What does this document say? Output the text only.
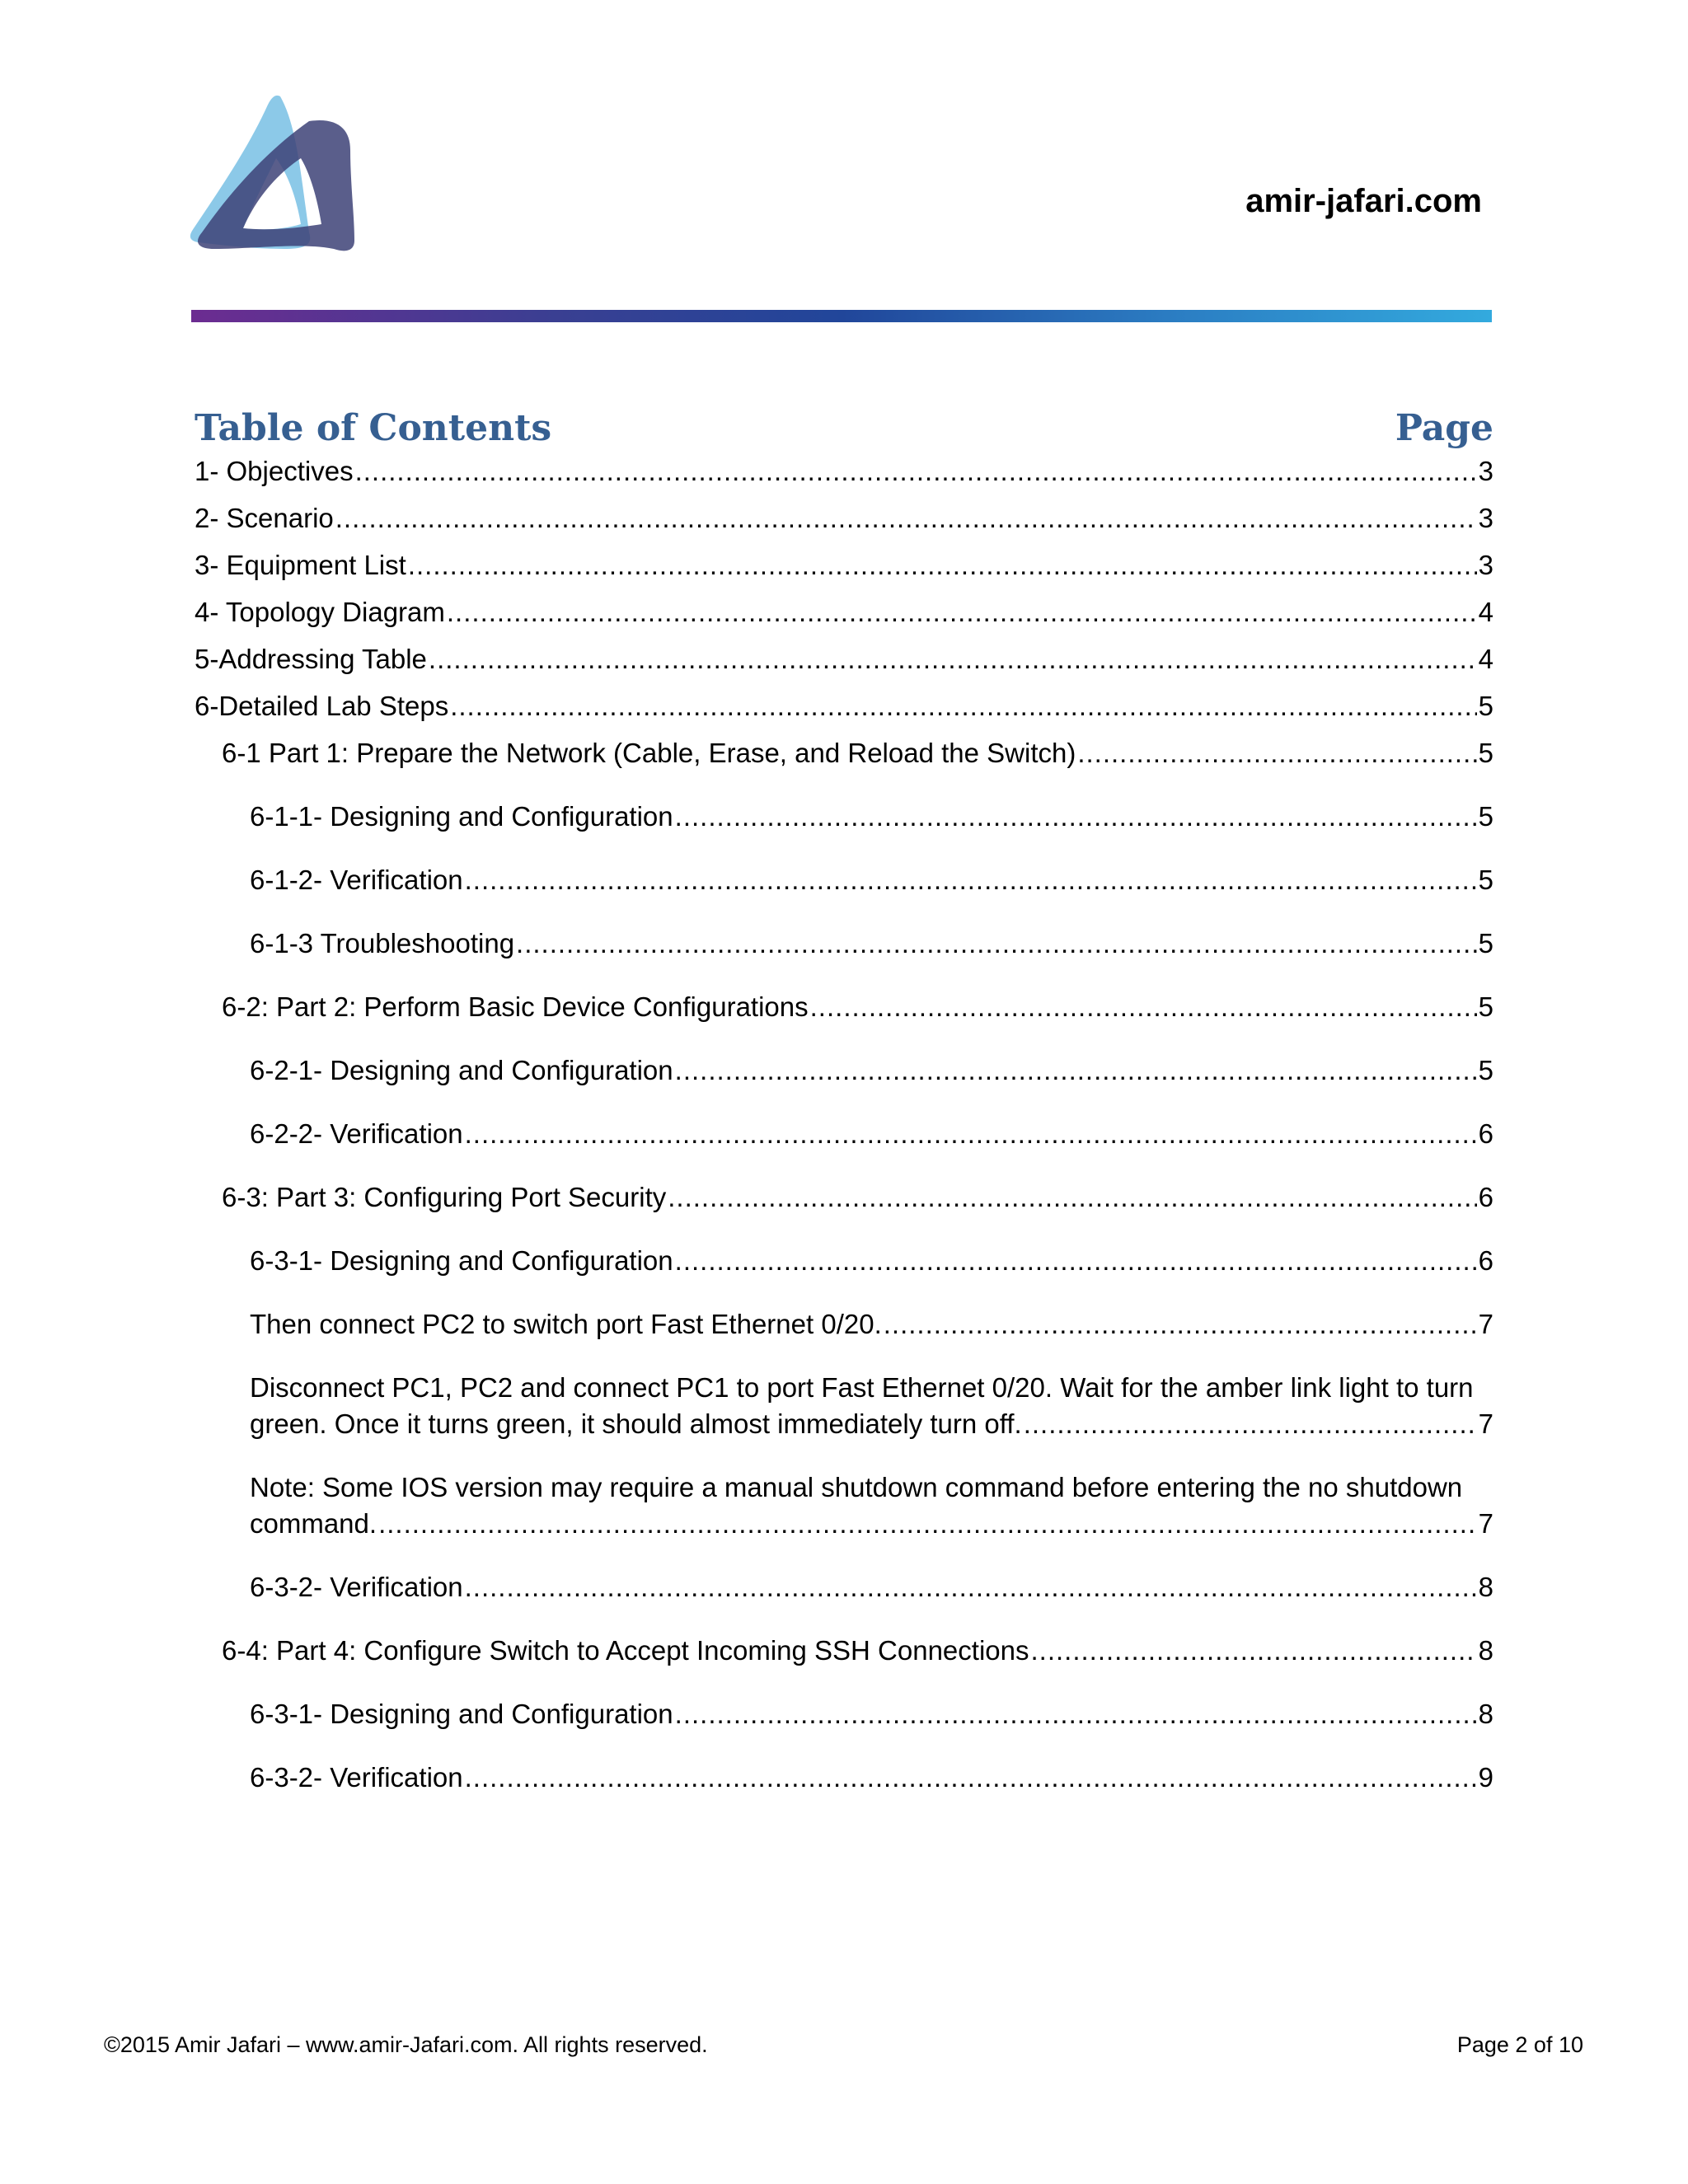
amir-jafari.com
Table of Contents	Page
1- Objectives .....	3
2- Scenario .....	3
3- Equipment List .....	3
4- Topology Diagram .....	4
5-Addressing Table .....	4
6-Detailed Lab Steps .....	5
6-1 Part 1: Prepare the Network (Cable, Erase, and Reload the Switch) .....	5
6-1-1- Designing and Configuration .....	5
6-1-2- Verification .....	5
6-1-3 Troubleshooting .....	5
6-2: Part 2: Perform Basic Device Configurations .....	5
6-2-1- Designing and Configuration .....	5
6-2-2- Verification .....	6
6-3: Part 3: Configuring Port Security .....	6
6-3-1- Designing and Configuration .....	6
Then connect PC2 to switch port Fast Ethernet 0/20. .....	7
Disconnect PC1, PC2 and connect PC1 to port Fast Ethernet 0/20. Wait for the amber link light to turn
green. Once it turns green, it should almost immediately turn off. .....	7
Note: Some IOS version may require a manual shutdown command before entering the no shutdown
command. .....	7
6-3-2- Verification .....	8
6-4: Part 4: Configure Switch to Accept Incoming SSH Connections .....	8
6-3-1- Designing and Configuration .....	8
6-3-2- Verification .....	9
©2015 Amir Jafari – www.amir-Jafari.com. All rights reserved.	Page 2 of 10
